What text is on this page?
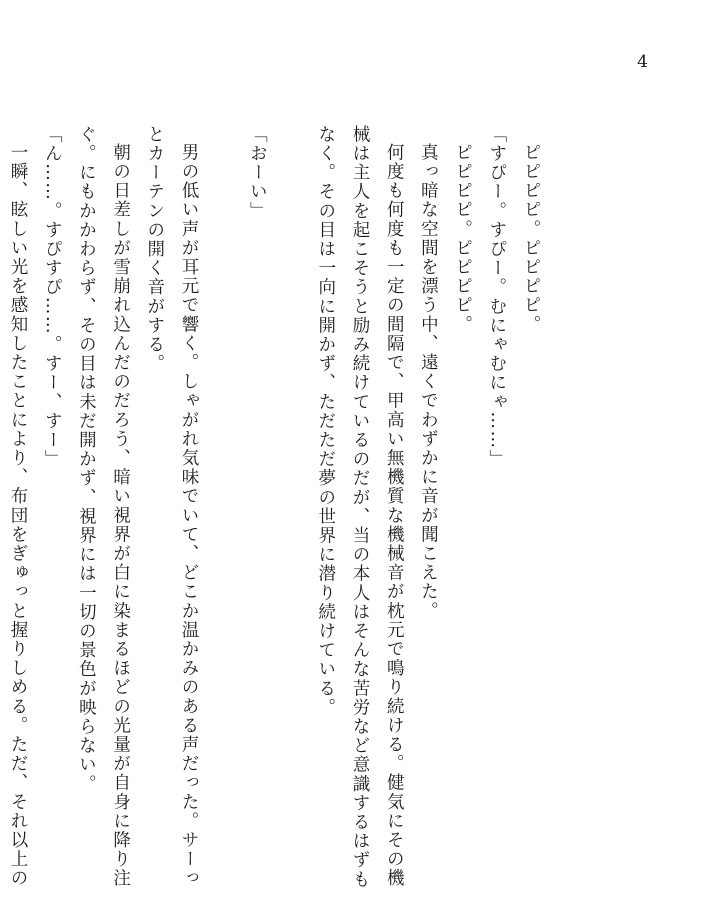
4
ピピピピ。ピピピピ。
「すぴー。すぴー。むにゃむにゃ……」
ピピピピ。ピピピピ。
真っ暗な空間を漂う中、遠くでわずかに音が聞こえた。
何度も何度も一定の間隔で、甲高い無機質な機械音が枕元で鳴り続ける。健気にその機
械は主人を起こそうと励み続けているのだが、当の本人はそんな苦労など意識するはずも
なく。その目は一向に開かず、ただただ夢の世界に潜り続けている。
「おーい」
男の低い声が耳元で響く。しゃがれ気味でいて、どこか温かみのある声だった。サーっ
とカーテンの開く音がする。
朝の日差しが雪崩れ込んだのだろう、暗い視界が白に染まるほどの光量が自身に降り注
ぐ。にもかかわらず、その目は未だ開かず、視界には一切の景色が映らない。
「ん……。すぴすぴ……。すー、すー」
一瞬、眩しい光を感知したことにより、布団をぎゅっと握りしめる。ただ、それ以上の
